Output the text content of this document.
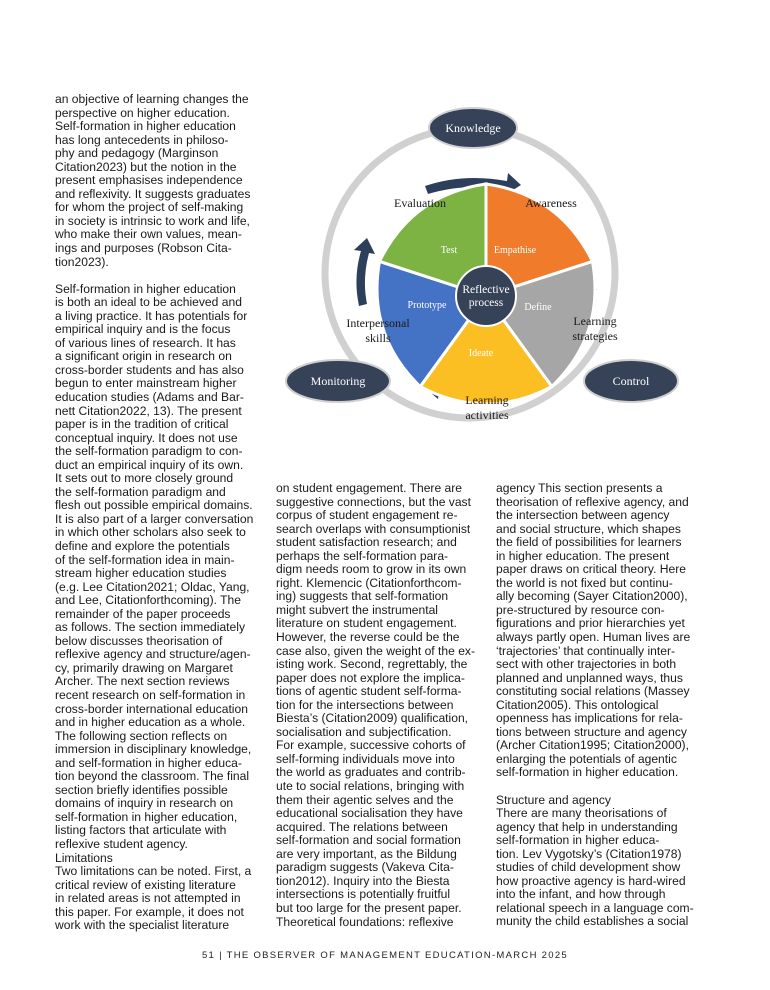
an objective of learning changes the
perspective on higher education.
Self-formation in higher education
has long antecedents in philoso-
phy and pedagogy (Marginson
Citation2023) but the notion in the
present emphasises independence
and reflexivity. It suggests graduates
for whom the project of self-making
in society is intrinsic to work and life,
who make their own values, mean-
ings and purposes (Robson Cita-
tion2023).

Self-formation in higher education
is both an ideal to be achieved and
a living practice. It has potentials for
empirical inquiry and is the focus
of various lines of research. It has
a significant origin in research on
cross-border students and has also
begun to enter mainstream higher
education studies (Adams and Bar-
nett Citation2022, 13). The present
paper is in the tradition of critical
conceptual inquiry. It does not use
the self-formation paradigm to con-
duct an empirical inquiry of its own.
It sets out to more closely ground
the self-formation paradigm and
flesh out possible empirical domains.
It is also part of a larger conversation
in which other scholars also seek to
define and explore the potentials
of the self-formation idea in main-
stream higher education studies
(e.g. Lee Citation2021; Oldac, Yang,
and Lee, Citationforthcoming). The
remainder of the paper proceeds
as follows. The section immediately
below discusses theorisation of
reflexive agency and structure/agen-
cy, primarily drawing on Margaret
Archer. The next section reviews
recent research on self-formation in
cross-border international education
and in higher education as a whole.
The following section reflects on
immersion in disciplinary knowledge,
and self-formation in higher educa-
tion beyond the classroom. The final
section briefly identifies possible
domains of inquiry in research on
self-formation in higher education,
listing factors that articulate with
reflexive student agency.

Limitations

Two limitations can be noted. First, a
critical review of existing literature
in related areas is not attempted in
this paper. For example, it does not
work with the specialist literature

Reflective
process
Test	Empathise
Define
Ideate
Prototype
Evaluation	Awareness
Learning
strategies
Learning
activities
Interpersonal
skills
Knowledge
Monitoring	Control

on student engagement. There are
suggestive connections, but the vast
corpus of student engagement re-
search overlaps with consumptionist
student satisfaction research; and
perhaps the self-formation para-
digm needs room to grow in its own
right. Klemencic (Citationforthcom-
ing) suggests that self-formation
might subvert the instrumental
literature on student engagement.
However, the reverse could be the
case also, given the weight of the ex-
isting work. Second, regrettably, the
paper does not explore the implica-
tions of agentic student self-forma-
tion for the intersections between
Biesta’s (Citation2009) qualification,
socialisation and subjectification.
For example, successive cohorts of
self-forming individuals move into
the world as graduates and contrib-
ute to social relations, bringing with
them their agentic selves and the
educational socialisation they have
acquired. The relations between
self-formation and social formation
are very important, as the Bildung
paradigm suggests (Vakeva Cita-
tion2012). Inquiry into the Biesta
intersections is potentially fruitful
but too large for the present paper.
Theoretical foundations: reflexive

agency This section presents a
theorisation of reflexive agency, and
the intersection between agency
and social structure, which shapes
the field of possibilities for learners
in higher education. The present
paper draws on critical theory. Here
the world is not fixed but continu-
ally becoming (Sayer Citation2000),
pre-structured by resource con-
figurations and prior hierarchies yet
always partly open. Human lives are
‘trajectories’ that continually inter-
sect with other trajectories in both
planned and unplanned ways, thus
constituting social relations (Massey
Citation2005). This ontological
openness has implications for rela-
tions between structure and agency
(Archer Citation1995; Citation2000),
enlarging the potentials of agentic
self-formation in higher education.

Structure and agency

There are many theorisations of
agency that help in understanding
self-formation in higher educa-
tion. Lev Vygotsky’s (Citation1978)
studies of child development show
how proactive agency is hard-wired
into the infant, and how through
relational speech in a language com-
munity the child establishes a social

51 | THE OBSERVER OF MANAGEMENT EDUCATION-MARCH 2025
